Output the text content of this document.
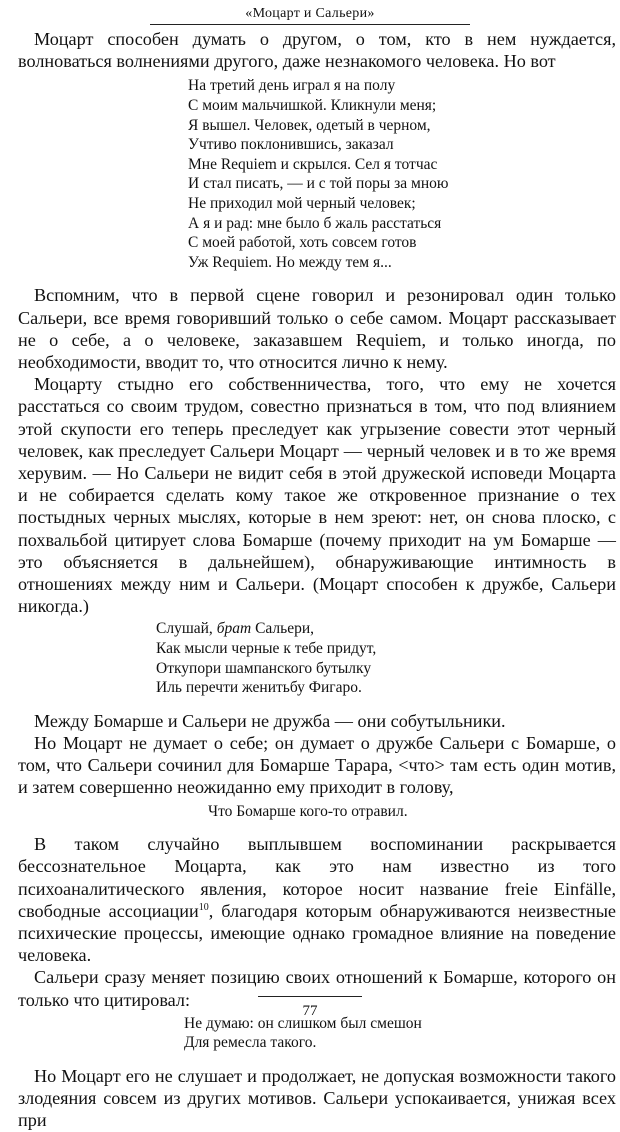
«Моцарт и Сальери»

Моцарт способен думать о другом, о том, кто в нем нуждается, волноваться волнениями другого, даже незнакомого человека. Но вот

На третий день играл я на полу
С моим мальчишкой. Кликнули меня;
Я вышел. Человек, одетый в черном,
Учтиво поклонившись, заказал
Мне Requiem и скрылся. Сел я тотчас
И стал писать, — и с той поры за мною
Не приходил мой черный человек;
А я и рад: мне было б жаль расстаться
С моей работой, хоть совсем готов
Уж Requiem. Но между тем я...

Вспомним, что в первой сцене говорил и резонировал один только Сальери, все время говоривший только о себе самом. Моцарт рассказывает не о себе, а о человеке, заказавшем Requiem, и только иногда, по необходимости, вводит то, что относится лично к нему.

Моцарту стыдно его собственничества, того, что ему не хочется расстаться со своим трудом, совестно признаться в том, что под влиянием этой скупости его теперь преследует как угрызение совести этот черный человек, как преследует Сальери Моцарт — черный человек и в то же время херувим. — Но Сальери не видит себя в этой дружеской исповеди Моцарта и не собирается сделать кому такое же откровенное признание о тех постыдных черных мыслях, которые в нем зреют: нет, он снова плоско, с похвальбой цитирует слова Бомарше (почему приходит на ум Бомарше — это объясняется в дальнейшем), обнаруживающие интимность в отношениях между ним и Сальери. (Моцарт способен к дружбе, Сальери никогда.)

Слушай, брат Сальери,
Как мысли черные к тебе придут,
Откупори шампанского бутылку
Иль перечти женитьбу Фигаро.

Между Бомарше и Сальери не дружба — они собутыльники.

Но Моцарт не думает о себе; он думает о дружбе Сальери с Бомарше, о том, что Сальери сочинил для Бомарше Тарара, <что> там есть один мотив, и затем совершенно неожиданно ему приходит в голову,

Что Бомарше кого-то отравил.

В таком случайно выплывшем воспоминании раскрывается бессознательное Моцарта, как это нам известно из того психоаналитического явления, которое носит название freie Einfälle, свободные ассоциации$^{10}$, благодаря которым обнаруживаются неизвестные психические процессы, имеющие однако громадное влияние на поведение человека.

Сальери сразу меняет позицию своих отношений к Бомарше, которого он только что цитировал:

Не думаю: он слишком был смешон
Для ремесла такого.

Но Моцарт его не слушает и продолжает, не допуская возможности такого злодеяния совсем из других мотивов. Сальери успокаивается, унижая всех при

77
